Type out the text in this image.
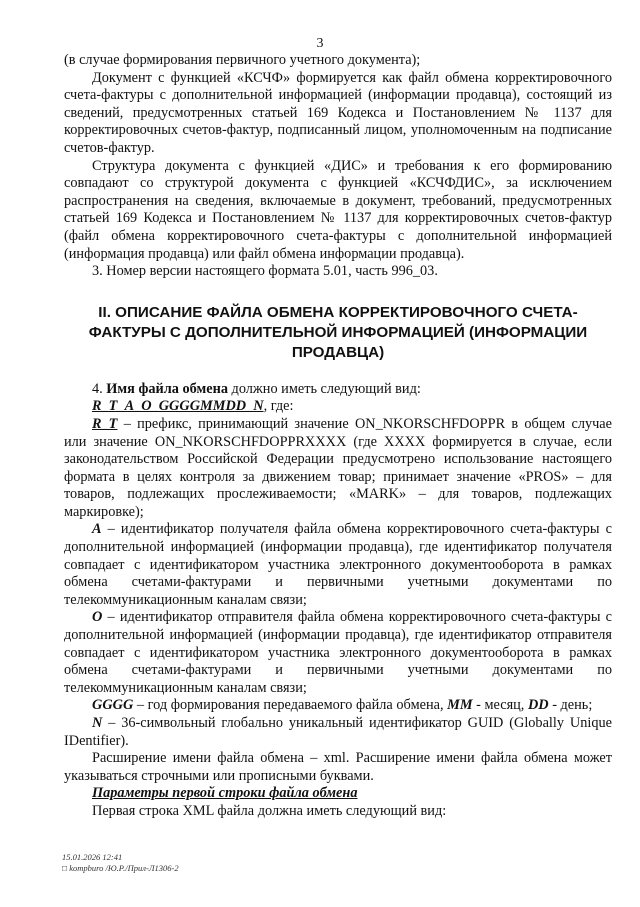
3

(в случае формирования первичного учетного документа);

Документ с функцией «КСЧФ» формируется как файл обмена корректировочного счета-фактуры с дополнительной информацией (информации продавца), состоящий из сведений, предусмотренных статьей 169 Кодекса и Постановлением № 1137 для корректировочных счетов-фактур, подписанный лицом, уполномоченным на подписание счетов-фактур.

Структура документа с функцией «ДИС» и требования к его формированию совпадают со структурой документа с функцией «КСЧФДИС», за исключением распространения на сведения, включаемые в документ, требований, предусмотренных статьей 169 Кодекса и Постановлением № 1137 для корректировочных счетов-фактур (файл обмена корректировочного счета-фактуры с дополнительной информацией (информация продавца) или файл обмена информации продавца).

3. Номер версии настоящего формата 5.01, часть 996_03.

II. ОПИСАНИЕ ФАЙЛА ОБМЕНА КОРРЕКТИРОВОЧНОГО СЧЕТА-ФАКТУРЫ С ДОПОЛНИТЕЛЬНОЙ ИНФОРМАЦИЕЙ (ИНФОРМАЦИИ ПРОДАВЦА)

4. Имя файла обмена должно иметь следующий вид:

R_T_A_O_GGGGMMDD_N, где:

R_T – префикс, принимающий значение ON_NKORSCHFDOPPR в общем случае или значение ON_NKORSCHFDOPPRXXXX (где XXXX формируется в случае, если законодательством Российской Федерации предусмотрено использование настоящего формата в целях контроля за движением товар; принимает значение «PROS» – для товаров, подлежащих прослеживаемости; «MARK» – для товаров, подлежащих маркировке);

A – идентификатор получателя файла обмена корректировочного счета-фактуры с дополнительной информацией (информации продавца), где идентификатор получателя совпадает с идентификатором участника электронного документооборота в рамках обмена счетами-фактурами и первичными учетными документами по телекоммуникационным каналам связи;

O – идентификатор отправителя файла обмена корректировочного счета-фактуры с дополнительной информацией (информации продавца), где идентификатор отправителя совпадает с идентификатором участника электронного документооборота в рамках обмена счетами-фактурами и первичными учетными документами по телекоммуникационным каналам связи;

GGGG – год формирования передаваемого файла обмена, MM - месяц, DD - день;

N – 36-символьный глобально уникальный идентификатор GUID (Globally Unique IDentifier).

Расширение имени файла обмена – xml. Расширение имени файла обмена может указываться строчными или прописными буквами.

Параметры первой строки файла обмена

Первая строка XML файла должна иметь следующий вид:

15.01.2026 12:41
□ kompburo /Ю.Р./Прил-Л1306-2
